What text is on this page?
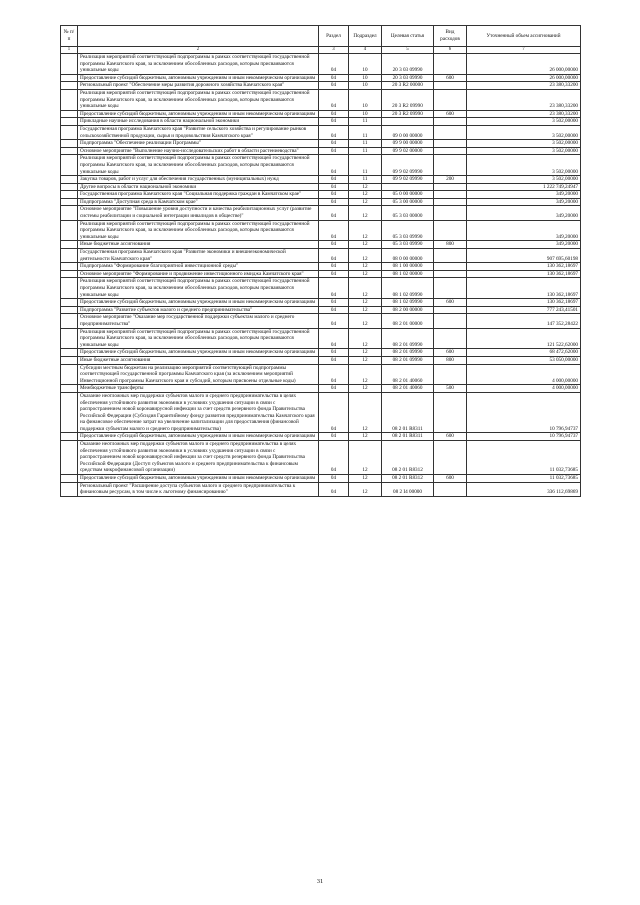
№ п/п		Раздел	Подраздел	Целевая статья	Вид расходов	Уточненный объем ассигнований
1	2	3	4	5	6	7
	Реализация мероприятий соответствующей подпрограммы в рамках соответствующей государственной программы Камчатского края, за исключением обособленных расходов, которым присваиваются уникальные коды	04	10	20 3 03 09990		26 000,00000
	Предоставление субсидий бюджетным, автономным учреждениям и иным некоммерческим организациям	04	10	20 3 03 09990	600	26 000,00000
	Региональный проект "Обеспечение меры развития дорожного хозяйства Камчатского края"	04	10	20 3 R2 00000		23 380,33200
	Реализация мероприятий соответствующей подпрограммы в рамках соответствующей государственной программы Камчатского края, за исключением обособленных расходов, которым присваиваются уникальные коды	04	10	20 3 R2 09990		23 380,33200
	Предоставление субсидий бюджетным, автономным учреждениям и иным некоммерческим организациям	04	10	20 3 R2 09990	600	23 380,33200
	Прикладные научные исследования в области национальной экономики	04	11			3 502,00000
	Государственная программа Камчатского края "Развитие сельского хозяйства и регулирование рынков сельскохозяйственной продукции, сырья и продовольствия Камчатского края"	04	11	09 0 00 00000		3 502,00000
	Подпрограмма "Обеспечение реализации Программы"	04	11	09 9 00 00000		3 502,00000
	Основное мероприятие "Выполнение научно-исследовательских работ в области растениеводства"	04	11	09 9 02 00000		3 502,00000
	Реализация мероприятий соответствующей подпрограммы в рамках соответствующей государственной программы Камчатского края, за исключением обособленных расходов, которым присваиваются уникальные коды	04	11	09 9 02 09990		3 502,00000
	Закупка товаров, работ и услуг для обеспечения государственных (муниципальных) нужд	04	11	09 9 02 09990	200	3 502,00000
	Другие вопросы в области национальной экономики	04	12			1 222 749,24947
	Государственная программа Камчатского края "Социальная поддержка граждан в Камчатском крае"	04	12	05 0 00 00000		349,20000
	Подпрограмма "Доступная среда в Камчатском крае"	04	12	05 3 00 00000		349,20000
	Основное мероприятие "Повышение уровня доступности и качества реабилитационных услуг (развитие системы реабилитации и социальной интеграции инвалидов в обществе)"	04	12	05 3 03 00000		349,20000
	Реализация мероприятий соответствующей подпрограммы в рамках соответствующей государственной программы Камчатского края, за исключением обособленных расходов, которым присваиваются уникальные коды	04	12	05 3 03 09990		349,20000
	Иные бюджетные ассигнования	04	12	05 3 03 09990	800	349,20000
	Государственная программа Камчатского края "Развитие экономики и внешнеэкономической деятельности Камчатского края"	04	12	08 0 00 00000		907 695,60198
	Подпрограмма "Формирование благоприятной инвестиционной среды"	04	12	08 1 00 00000		130 362,18697
	Основное мероприятие "Формирование и продвижение инвестиционного имиджа Камчатского края"	04	12	08 1 02 00000		130 362,18697
	Реализация мероприятий соответствующей подпрограммы в рамках соответствующей государственной программы Камчатского края, за исключением обособленных расходов, которым присваиваются уникальные коды	04	12	08 1 02 09990		130 362,18697
	Предоставление субсидий бюджетным, автономным учреждениям и иным некоммерческим организациям	04	12	08 1 02 09990	600	130 362,18697
	Подпрограмма "Развитие субъектов малого и среднего предпринимательства"	04	12	08 2 00 00000		777 243,41501
	Основное мероприятие "Оказание мер государственной поддержки субъектам малого и среднего предпринимательства"	04	12	08 2 01 00000		147 352,28422
	Реализация мероприятий соответствующей подпрограммы в рамках соответствующей государственной программы Камчатского края, за исключением обособленных расходов, которым присваиваются уникальные коды	04	12	08 2 01 09990		121 522,62000
	Предоставление субсидий бюджетным, автономным учреждениям и иным некоммерческим организациям	04	12	08 2 01 09990	600	68 472,62000
	Иные бюджетные ассигнования	04	12	08 2 01 09990	800	53 050,00000
	Субсидии местным бюджетам на реализацию мероприятий соответствующей подпрограммы соответствующей государственной программы Камчатского края (за исключением мероприятий Инвестиционной программы Камчатского края и субсидий, которым присвоены отдельные коды)	04	12	08 2 01 40060		4 000,00000
	Межбюджетные трансферты	04	12	08 2 01 40060	500	4 000,00000
	Оказание неотложных мер поддержки субъектов малого и среднего предпринимательства в целях обеспечения устойчивого развития экономики в условиях ухудшения ситуации в связи с распространением новой коронавирусной инфекции за счет средств резервного фонда Правительства Российской Федерации (Субсидия Гарантийному фонду развития предпринимательства Камчатского края на финансовое обеспечение затрат на увеличение капитализации для предоставления (финансовой поддержки субъектам малого и среднего предпринимательства)	04	12	08 2 01 R8311		10 796,94737
	Предоставление субсидий бюджетным, автономным учреждениям и иным некоммерческим организациям	04	12	08 2 01 R8311	600	10 796,94737
	Оказание неотложных мер поддержки субъектов малого и среднего предпринимательства в целях обеспечения устойчивого развития экономики в условиях ухудшения ситуации в связи с распространением новой коронавирусной инфекции за счет средств резервного фонда Правительства Российской Федерации (Доступ субъектов малого и среднего предпринимательства к финансовым средствам микрофинансовой организации)	04	12	08 2 01 R8312		11 032,73685
	Предоставление субсидий бюджетным, автономным учреждениям и иным некоммерческим организациям	04	12	08 2 01 R8312	600	11 032,73685
	Региональный проект "Расширение доступа субъектов малого и среднего предпринимательства к финансовым ресурсам, в том числе к льготному финансированию"	04	12	08 2 I4 00000		336 112,69869
31
